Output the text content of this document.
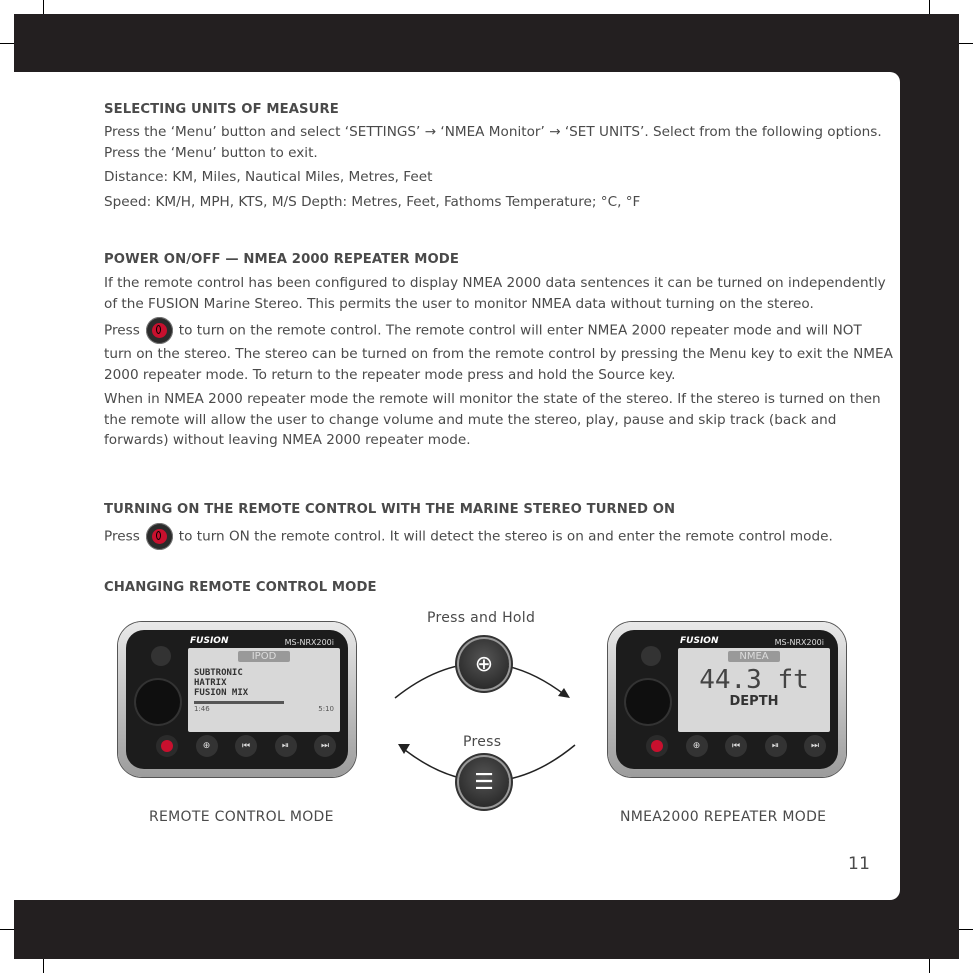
SELECTING UNITS OF MEASURE

Press the ‘Menu’ button and select ‘SETTINGS’ → ‘NMEA Monitor’ → ‘SET UNITS’. Select from the following options. Press the ‘Menu’ button to exit.

Distance: KM, Miles, Nautical Miles, Metres, Feet

Speed: KM/H, MPH, KTS, M/S Depth: Metres, Feet, Fathoms Temperature; °C, °F

POWER ON/OFF — NMEA 2000 REPEATER MODE

If the remote control has been configured to display NMEA 2000 data sentences it can be turned on independently of the FUSION Marine Stereo. This permits the user to monitor NMEA data without turning on the stereo.

Press	to turn on the remote control. The remote control will enter NMEA 2000 repeater mode and will NOT turn on the stereo. The stereo can be turned on from the remote control by pressing the Menu key to exit the NMEA 2000 repeater mode. To return to the repeater mode press and hold the Source key.

When in NMEA 2000 repeater mode the remote will monitor the state of the stereo. If the stereo is turned on then the remote will allow the user to change volume and mute the stereo, play, pause and skip track (back and forwards) without leaving NMEA 2000 repeater mode.

TURNING ON THE REMOTE CONTROL WITH THE MARINE STEREO TURNED ON

Press	to turn ON the remote control. It will detect the stereo is on and enter the remote control mode.

CHANGING REMOTE CONTROL MODE
FUSION	MS-NRX200i
IPOD
SUBTRONIC
HATRIX
FUSION MIX
1:46	5:10
⊕	⏮	⏯	⏭
FUSION	MS-NRX200i
NMEA
44.3 ft
DEPTH
⊕	⏮	⏯	⏭
Press and Hold
⊕
Press
☰
REMOTE CONTROL MODE	NMEA2000 REPEATER MODE
11
